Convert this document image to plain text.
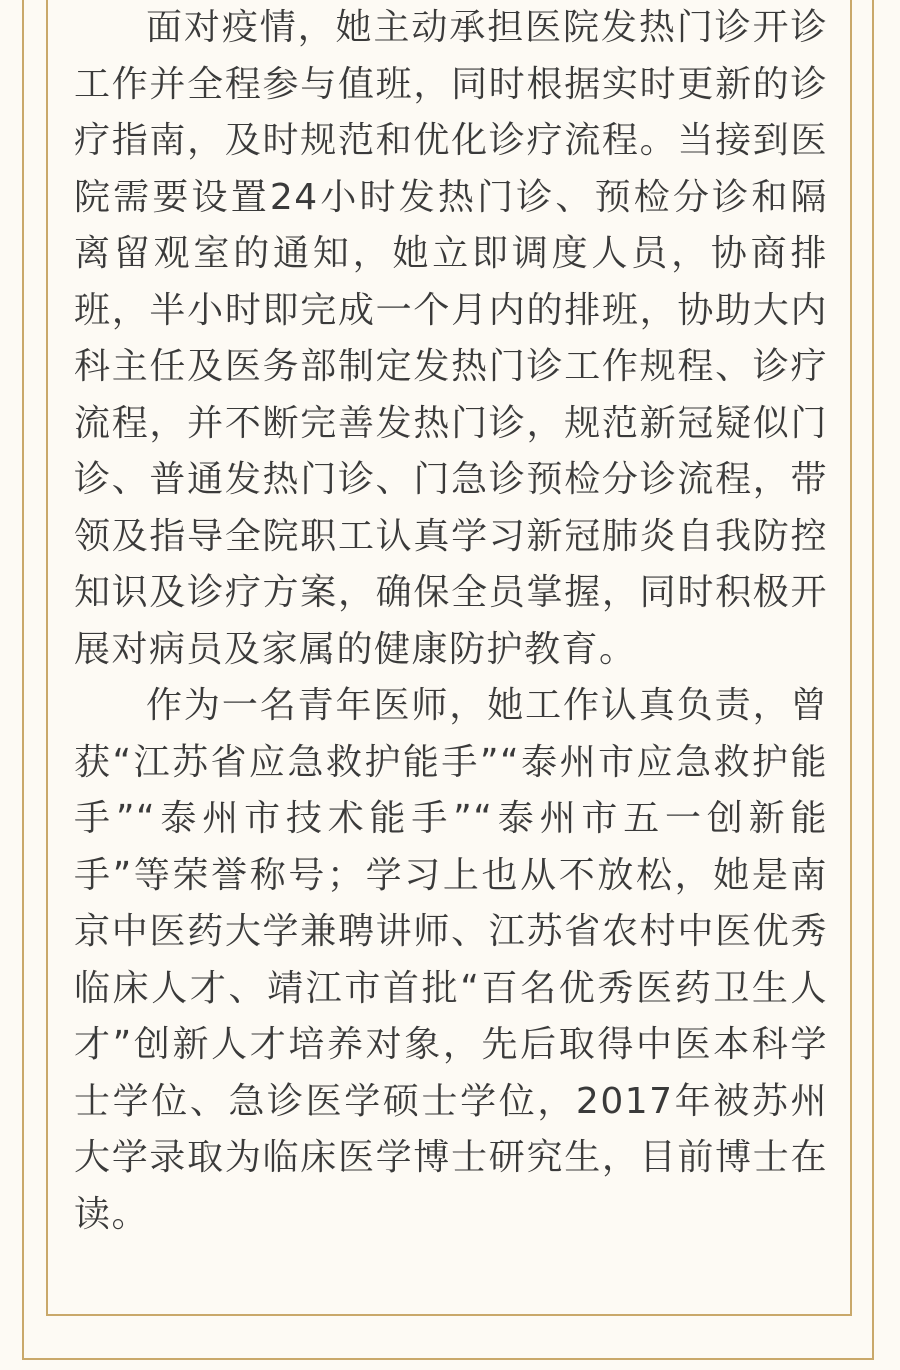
面对疫情，她主动承担医院发热门诊开诊工作并全程参与值班，同时根据实时更新的诊疗指南，及时规范和优化诊疗流程。当接到医院需要设置24小时发热门诊、预检分诊和隔离留观室的通知，她立即调度人员，协商排班，半小时即完成一个月内的排班，协助大内科主任及医务部制定发热门诊工作规程、诊疗流程，并不断完善发热门诊，规范新冠疑似门诊、普通发热门诊、门急诊预检分诊流程，带领及指导全院职工认真学习新冠肺炎自我防控知识及诊疗方案，确保全员掌握，同时积极开展对病员及家属的健康防护教育。

作为一名青年医师，她工作认真负责，曾获“江苏省应急救护能手”“泰州市应急救护能手”“泰州市技术能手”“泰州市五一创新能手”等荣誉称号；学习上也从不放松，她是南京中医药大学兼聘讲师、江苏省农村中医优秀临床人才、靖江市首批“百名优秀医药卫生人才”创新人才培养对象，先后取得中医本科学士学位、急诊医学硕士学位，2017年被苏州大学录取为临床医学博士研究生，目前博士在读。
